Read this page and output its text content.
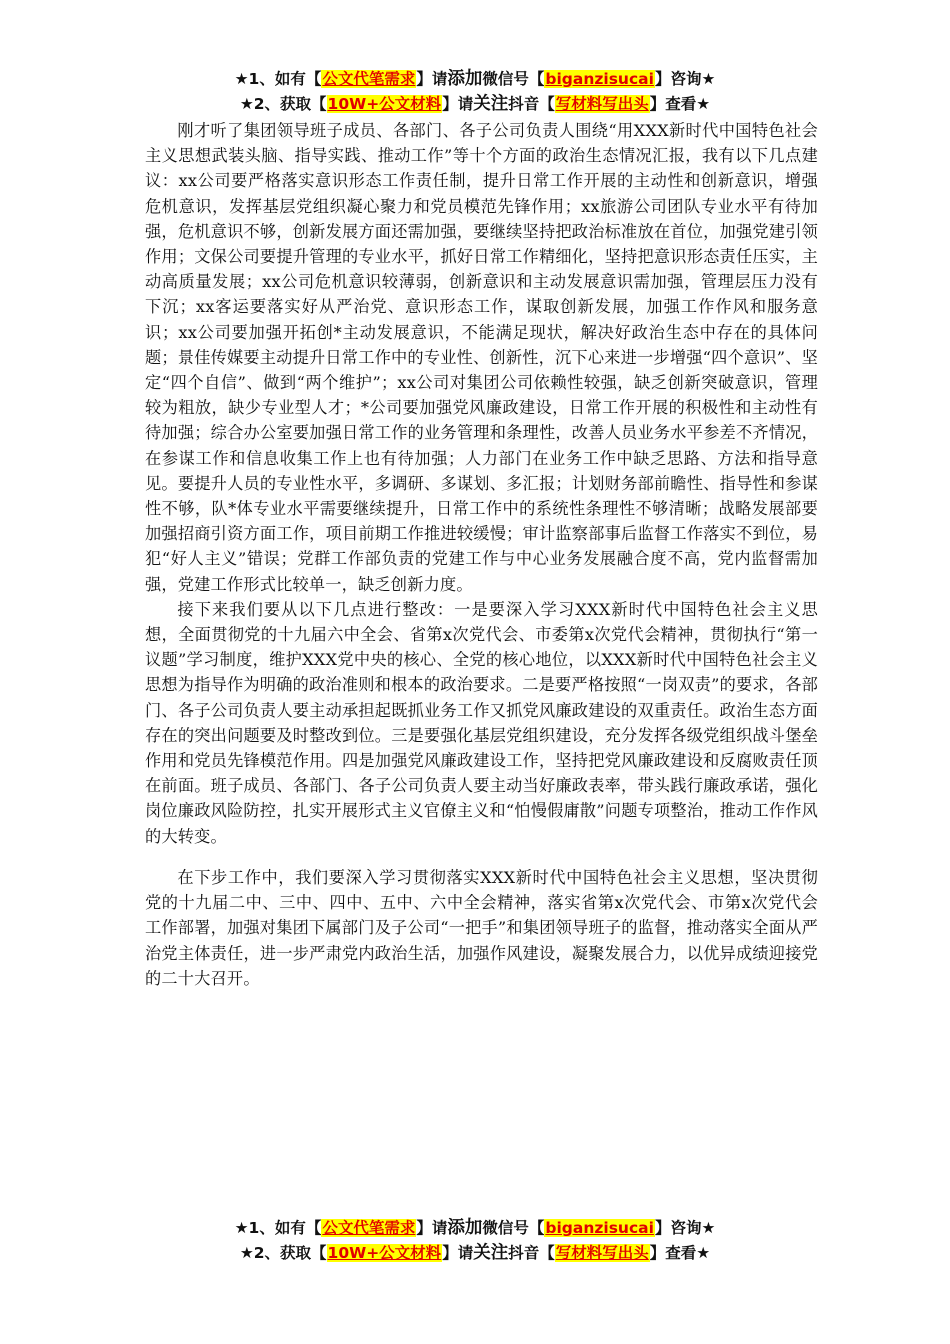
★1、如有【公文代笔需求】请添加微信号【biganzisucai】咨询★
★2、获取【10W+公文材料】请关注抖音【写材料写出头】查看★

刚才听了集团领导班子成员、各部门、各子公司负责人围绕“用XXX新时代中国特色社会主义思想武装头脑、指导实践、推动工作”等十个方面的政治生态情况汇报，我有以下几点建议：xx公司要严格落实意识形态工作责任制，提升日常工作开展的主动性和创新意识，增强危机意识，发挥基层党组织凝心聚力和党员模范先锋作用；xx旅游公司团队专业水平有待加强，危机意识不够，创新发展方面还需加强，要继续坚持把政治标准放在首位，加强党建引领作用；文保公司要提升管理的专业水平，抓好日常工作精细化，坚持把意识形态责任压实，主动高质量发展；xx公司危机意识较薄弱，创新意识和主动发展意识需加强，管理层压力没有下沉；xx客运要落实好从严治党、意识形态工作，谋取创新发展，加强工作作风和服务意识；xx公司要加强开拓创*主动发展意识，不能满足现状，解决好政治生态中存在的具体问题；景佳传媒要主动提升日常工作中的专业性、创新性，沉下心来进一步增强“四个意识”、坚定“四个自信”、做到“两个维护”；xx公司对集团公司依赖性较强，缺乏创新突破意识，管理较为粗放，缺少专业型人才；*公司要加强党风廉政建设，日常工作开展的积极性和主动性有待加强；综合办公室要加强日常工作的业务管理和条理性，改善人员业务水平参差不齐情况，在参谋工作和信息收集工作上也有待加强；人力部门在业务工作中缺乏思路、方法和指导意见。要提升人员的专业性水平，多调研、多谋划、多汇报；计划财务部前瞻性、指导性和参谋性不够，队*体专业水平需要继续提升，日常工作中的系统性条理性不够清晰；战略发展部要加强招商引资方面工作，项目前期工作推进较缓慢；审计监察部事后监督工作落实不到位，易犯“好人主义”错误；党群工作部负责的党建工作与中心业务发展融合度不高，党内监督需加强，党建工作形式比较单一，缺乏创新力度。

接下来我们要从以下几点进行整改：一是要深入学习XXX新时代中国特色社会主义思想，全面贯彻党的十九届六中全会、省第x次党代会、市委第x次党代会精神，贯彻执行“第一议题”学习制度，维护XXX党中央的核心、全党的核心地位，以XXX新时代中国特色社会主义思想为指导作为明确的政治准则和根本的政治要求。二是要严格按照“一岗双责”的要求，各部门、各子公司负责人要主动承担起既抓业务工作又抓党风廉政建设的双重责任。政治生态方面存在的突出问题要及时整改到位。三是要强化基层党组织建设，充分发挥各级党组织战斗堡垒作用和党员先锋模范作用。四是加强党风廉政建设工作，坚持把党风廉政建设和反腐败责任顶在前面。班子成员、各部门、各子公司负责人要主动当好廉政表率，带头践行廉政承诺，强化岗位廉政风险防控，扎实开展形式主义官僚主义和“怕慢假庸散”问题专项整治，推动工作作风的大转变。

在下步工作中，我们要深入学习贯彻落实XXX新时代中国特色社会主义思想，坚决贯彻党的十九届二中、三中、四中、五中、六中全会精神，落实省第x次党代会、市第x次党代会工作部署，加强对集团下属部门及子公司“一把手”和集团领导班子的监督，推动落实全面从严治党主体责任，进一步严肃党内政治生活，加强作风建设，凝聚发展合力，以优异成绩迎接党的二十大召开。

★1、如有【公文代笔需求】请添加微信号【biganzisucai】咨询★
★2、获取【10W+公文材料】请关注抖音【写材料写出头】查看★
